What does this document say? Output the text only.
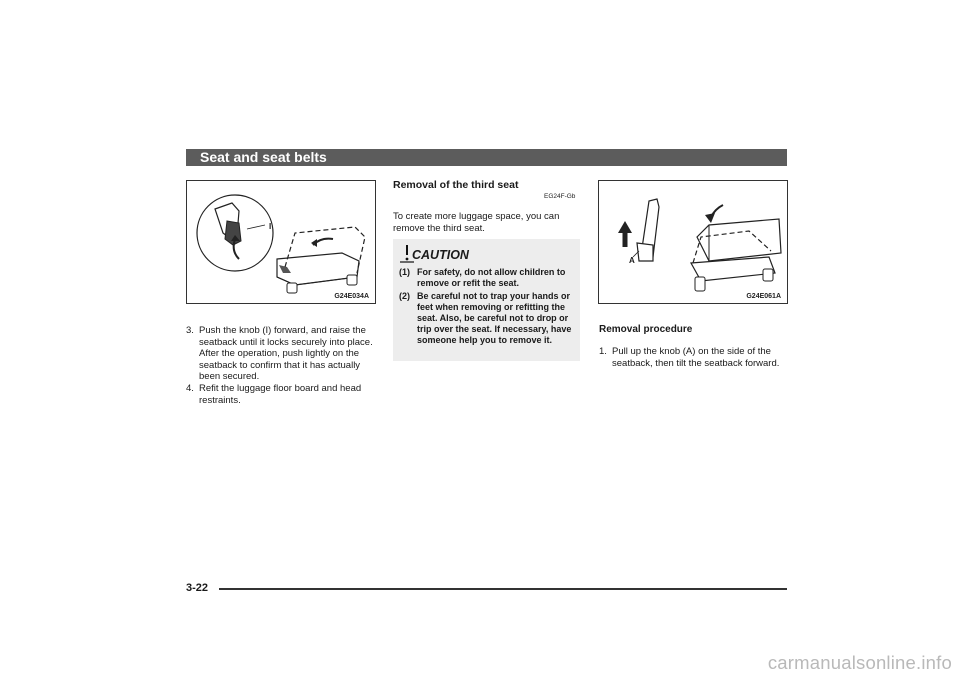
Seat and seat belts
G24E034A
I
3. Push the knob (I) forward, and raise the seatback until it locks securely into place. After the operation, push lightly on the seatback to confirm that it has actually been secured.
4. Refit the luggage floor board and head restraints.
Removal of the third seat
EG24F-Gb
To create more luggage space, you can remove the third seat.
CAUTION
(1) For safety, do not allow children to remove or refit the seat.
(2) Be careful not to trap your hands or feet when removing or refitting the seat. Also, be careful not to drop or trip over the seat. If necessary, have someone help you to remove it.
G24E061A
A
Removal procedure
1. Pull up the knob (A) on the side of the seatback, then tilt the seatback forward.
3-22
carmanualsonline.info
